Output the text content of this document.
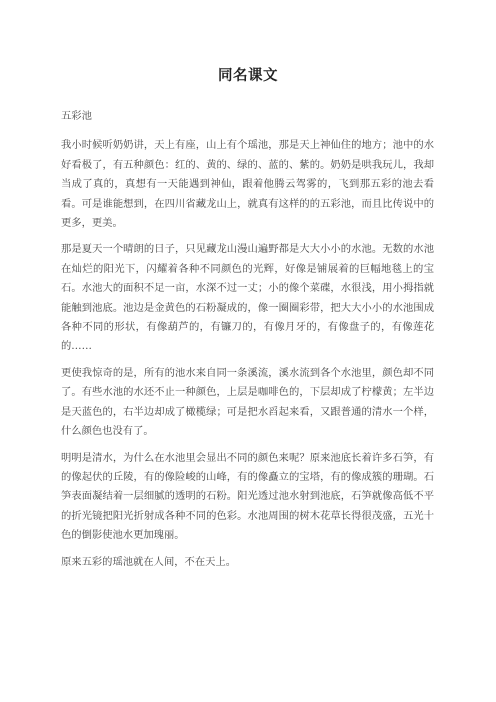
同名课文
五彩池

我小时候听奶奶讲，天上有座，山上有个瑶池，那是天上神仙住的地方；池中的水好看极了，有五种颜色：红的、黄的、绿的、蓝的、紫的。奶奶是哄我玩儿，我却当成了真的，真想有一天能遇到神仙，跟着他腾云驾雾的，飞到那五彩的池去看看。可是谁能想到，在四川省藏龙山上，就真有这样的的五彩池，而且比传说中的更多，更美。

那是夏天一个晴朗的日子，只见藏龙山漫山遍野都是大大小小的水池。无数的水池在灿烂的阳光下，闪耀着各种不同颜色的光辉，好像是铺展着的巨幅地毯上的宝石。水池大的面积不足一亩，水深不过一丈；小的像个菜碟，水很浅，用小拇指就能触到池底。池边是金黄色的石粉凝成的，像一圈圈彩带，把大大小小的水池围成各种不同的形状，有像葫芦的，有镰刀的，有像月牙的，有像盘子的，有像莲花的……

更使我惊奇的是，所有的池水来自同一条溪流，溪水流到各个水池里，颜色却不同了。有些水池的水还不止一种颜色，上层是咖啡色的，下层却成了柠檬黄；左半边是天蓝色的，右半边却成了橄榄绿；可是把水舀起来看，又跟普通的清水一个样，什么颜色也没有了。

明明是清水，为什么在水池里会显出不同的颜色来呢？原来池底长着许多石笋，有的像起伏的丘陵，有的像险峻的山峰，有的像矗立的宝塔，有的像成簇的珊瑚。石笋表面凝结着一层细腻的透明的石粉。阳光透过池水射到池底，石笋就像高低不平的折光镜把阳光折射成各种不同的色彩。水池周围的树木花草长得很茂盛，五光十色的倒影使池水更加瑰丽。

原来五彩的瑶池就在人间，不在天上。
